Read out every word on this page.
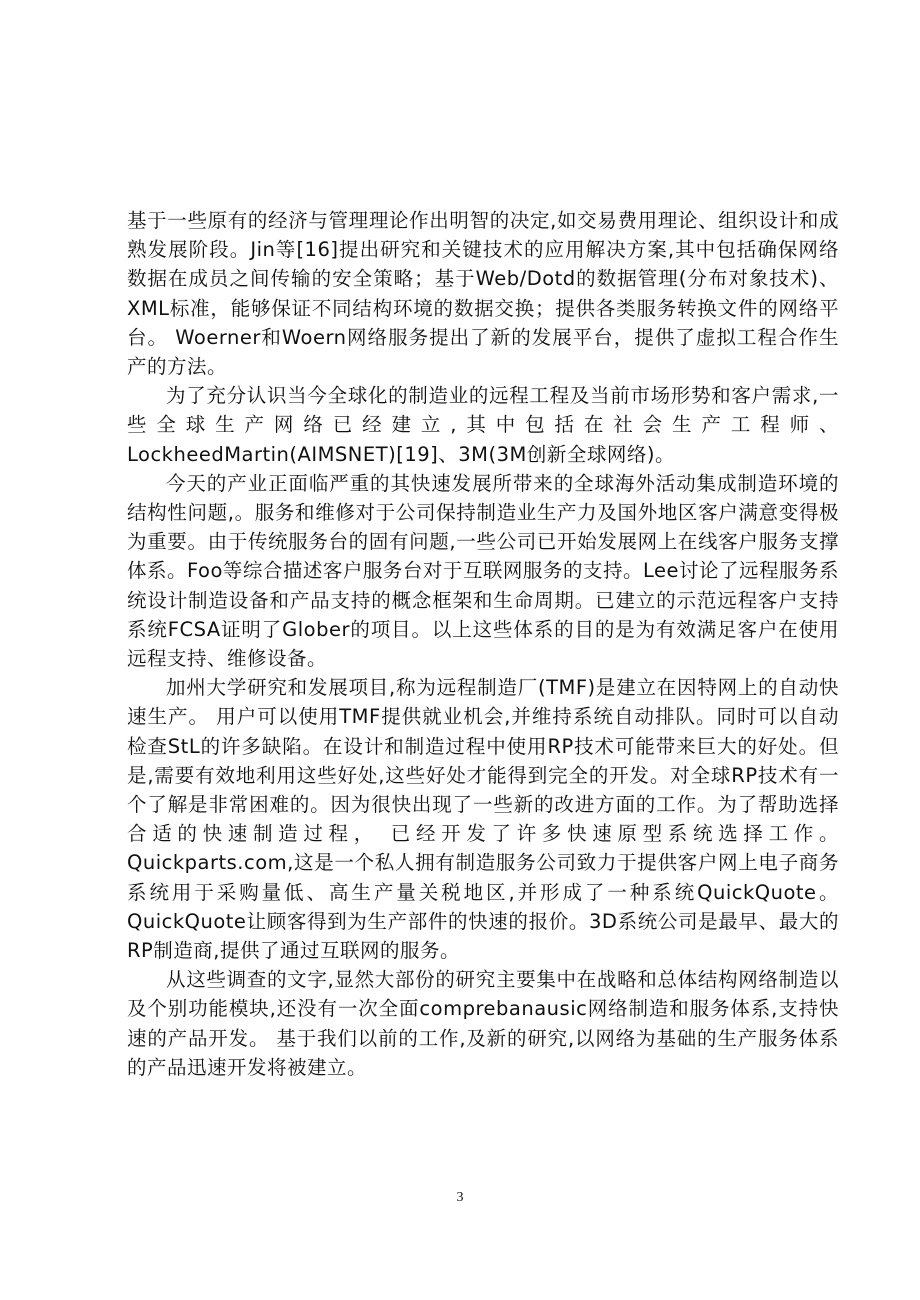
基于一些原有的经济与管理理论作出明智的决定,如交易费用理论、组织设计和成熟发展阶段。Jin等[16]提出研究和关键技术的应用解决方案,其中包括确保网络数据在成员之间传输的安全策略；基于Web/Dotd的数据管理(分布对象技术)、XML标准，能够保证不同结构环境的数据交换；提供各类服务转换文件的网络平台。 Woerner和Woern网络服务提出了新的发展平台，提供了虚拟工程合作生产的方法。

为了充分认识当今全球化的制造业的远程工程及当前市场形势和客户需求,一些全球生产网络已经建立,其中包括在社会生产工程师、LockheedMartin(AIMSNET)[19]、3M(3M创新全球网络)。

今天的产业正面临严重的其快速发展所带来的全球海外活动集成制造环境的结构性问题,。服务和维修对于公司保持制造业生产力及国外地区客户满意变得极为重要。由于传统服务台的固有问题,一些公司已开始发展网上在线客户服务支撑体系。Foo等综合描述客户服务台对于互联网服务的支持。Lee讨论了远程服务系统设计制造设备和产品支持的概念框架和生命周期。已建立的示范远程客户支持系统FCSA证明了Glober的项目。以上这些体系的目的是为有效满足客户在使用远程支持、维修设备。

加州大学研究和发展项目,称为远程制造厂(TMF)是建立在因特网上的自动快速生产。 用户可以使用TMF提供就业机会,并维持系统自动排队。同时可以自动检查StL的许多缺陷。在设计和制造过程中使用RP技术可能带来巨大的好处。但是,需要有效地利用这些好处,这些好处才能得到完全的开发。对全球RP技术有一个了解是非常困难的。因为很快出现了一些新的改进方面的工作。为了帮助选择合适的快速制造过程， 已经开发了许多快速原型系统选择工作。Quickparts.com,这是一个私人拥有制造服务公司致力于提供客户网上电子商务系统用于采购量低、高生产量关税地区,并形成了一种系统QuickQuote。QuickQuote让顾客得到为生产部件的快速的报价。3D系统公司是最早、最大的RP制造商,提供了通过互联网的服务。

从这些调查的文字,显然大部份的研究主要集中在战略和总体结构网络制造以及个别功能模块,还没有一次全面comprebanausic网络制造和服务体系,支持快速的产品开发。 基于我们以前的工作,及新的研究,以网络为基础的生产服务体系的产品迅速开发将被建立。

3
